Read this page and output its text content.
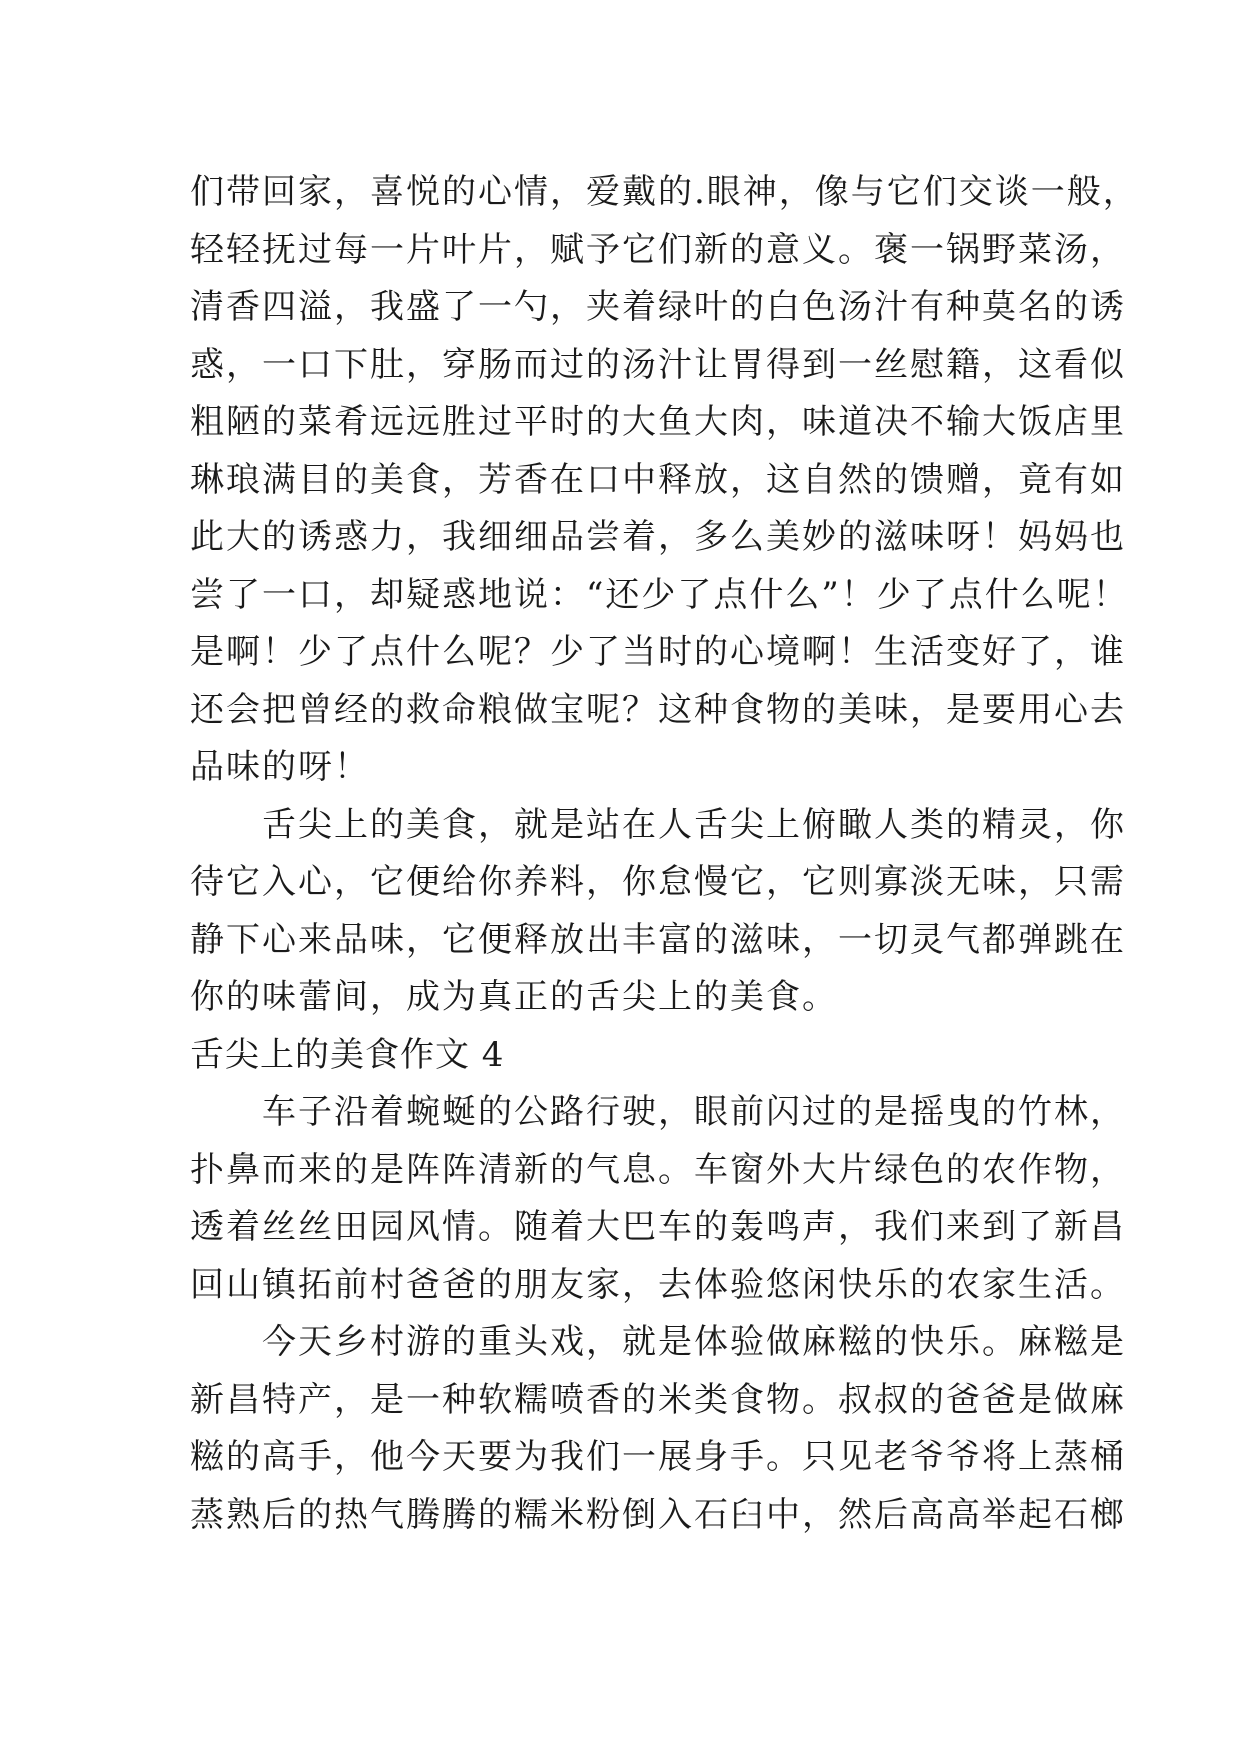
们带回家，喜悦的心情，爱戴的.眼神，像与它们交谈一般，
轻轻抚过每一片叶片，赋予它们新的意义。褒一锅野菜汤，
清香四溢，我盛了一勺，夹着绿叶的白色汤汁有种莫名的诱
惑，一口下肚，穿肠而过的汤汁让胃得到一丝慰籍，这看似
粗陋的菜肴远远胜过平时的大鱼大肉，味道决不输大饭店里
琳琅满目的美食，芳香在口中释放，这自然的馈赠，竟有如
此大的诱惑力，我细细品尝着，多么美妙的滋味呀！妈妈也
尝了一口，却疑惑地说：“还少了点什么”！少了点什么呢！
是啊！少了点什么呢？少了当时的心境啊！生活变好了，谁
还会把曾经的救命粮做宝呢？这种食物的美味，是要用心去
品味的呀！
　　舌尖上的美食，就是站在人舌尖上俯瞰人类的精灵，你
待它入心，它便给你养料，你怠慢它，它则寡淡无味，只需
静下心来品味，它便释放出丰富的滋味，一切灵气都弹跳在
你的味蕾间，成为真正的舌尖上的美食。
舌尖上的美食作文 4
　　车子沿着蜿蜒的公路行驶，眼前闪过的是摇曳的竹林，
扑鼻而来的是阵阵清新的气息。车窗外大片绿色的农作物，
透着丝丝田园风情。随着大巴车的轰鸣声，我们来到了新昌
回山镇拓前村爸爸的朋友家，去体验悠闲快乐的农家生活。
　　今天乡村游的重头戏，就是体验做麻糍的快乐。麻糍是
新昌特产，是一种软糯喷香的米类食物。叔叔的爸爸是做麻
糍的高手，他今天要为我们一展身手。只见老爷爷将上蒸桶
蒸熟后的热气腾腾的糯米粉倒入石臼中，然后高高举起石榔
